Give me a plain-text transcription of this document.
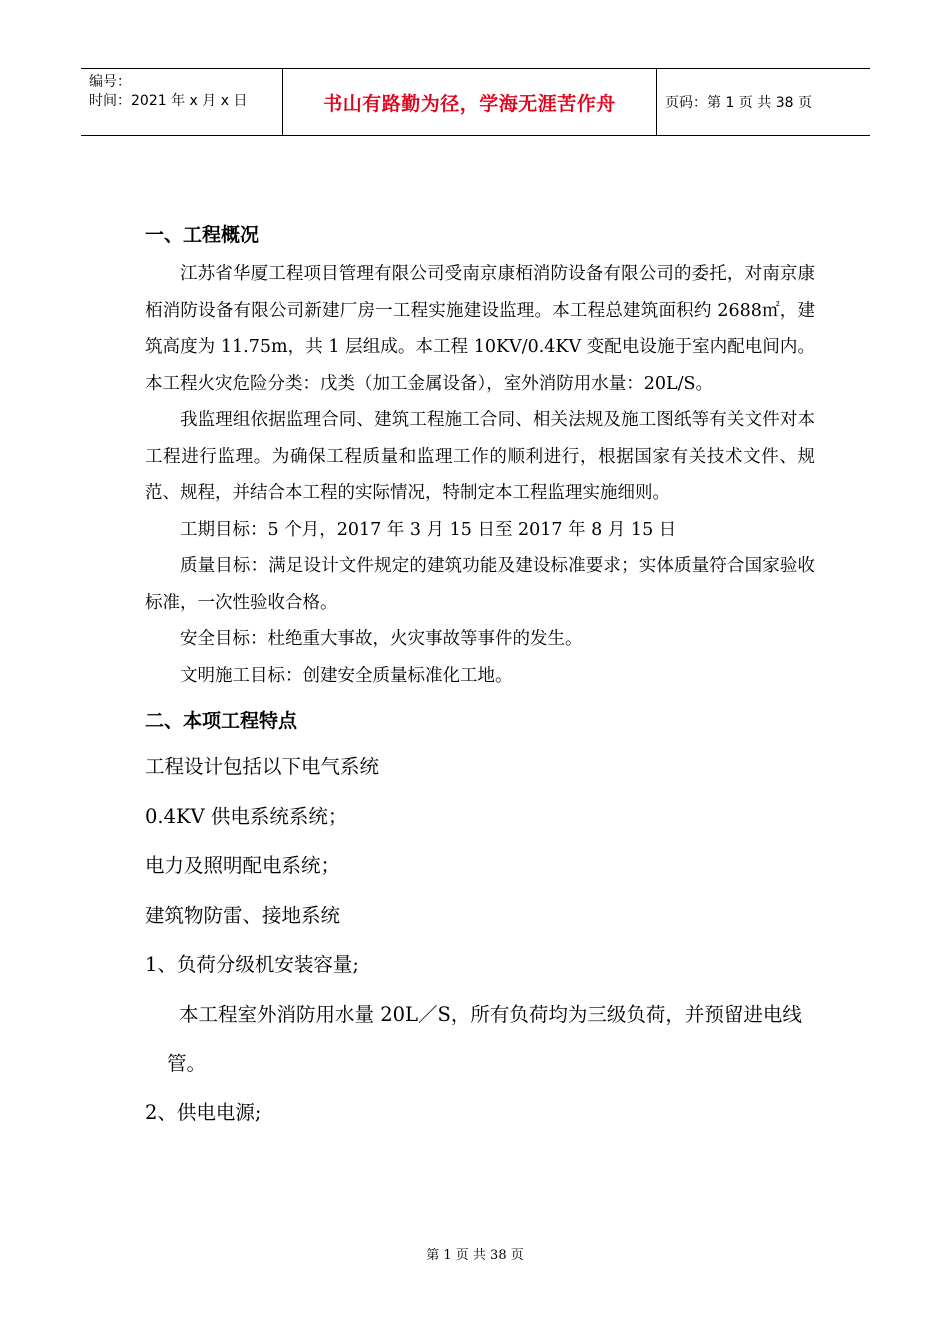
编号：
时间：2021 年 x 月 x 日	书山有路勤为径，学海无涯苦作舟	页码：第 1 页 共 38 页
一、工程概况

江苏省华厦工程项目管理有限公司受南京康栢消防设备有限公司的委托，对南京康栢消防设备有限公司新建厂房一工程实施建设监理。本工程总建筑面积约 2688㎡，建筑高度为 11.75m，共 1 层组成。本工程 10KV/0.4KV 变配电设施于室内配电间内。本工程火灾危险分类：戊类（加工金属设备），室外消防用水量：20L/S。

我监理组依据监理合同、建筑工程施工合同、相关法规及施工图纸等有关文件对本工程进行监理。为确保工程质量和监理工作的顺利进行，根据国家有关技术文件、规范、规程，并结合本工程的实际情况，特制定本工程监理实施细则。

工期目标：5 个月，2017 年 3 月 15 日至 2017 年 8 月 15 日

质量目标：满足设计文件规定的建筑功能及建设标准要求；实体质量符合国家验收标准，一次性验收合格。

安全目标：杜绝重大事故，火灾事故等事件的发生。

文明施工目标：创建安全质量标准化工地。

二、本项工程特点

工程设计包括以下电气系统

0.4KV 供电系统系统；

电力及照明配电系统；

建筑物防雷、接地系统

1、负荷分级机安装容量;

本工程室外消防用水量 20L／S，所有负荷均为三级负荷，并预留进电线管。

2、供电电源;

第 1 页 共 38 页
